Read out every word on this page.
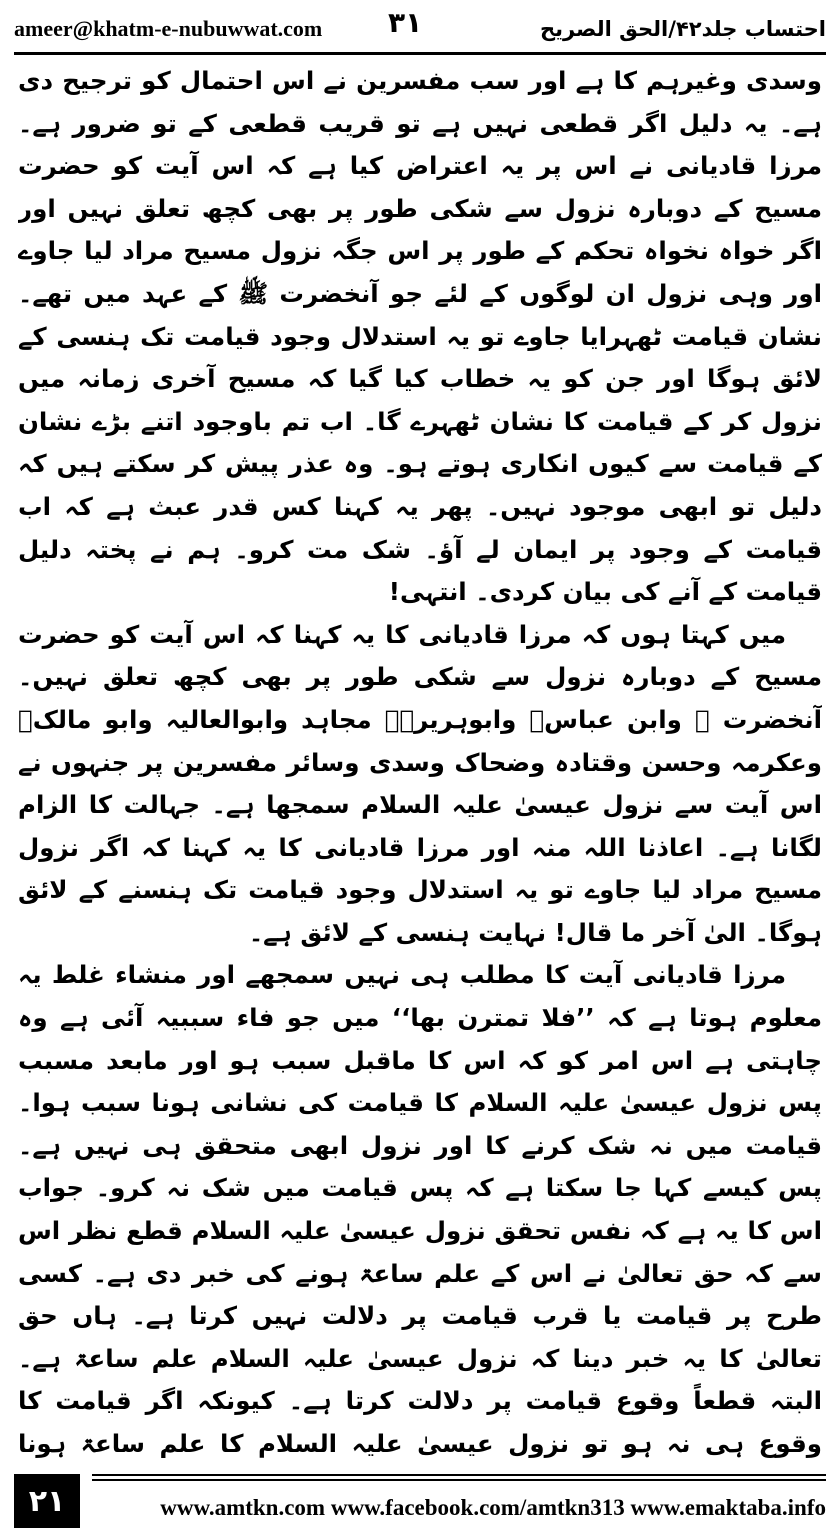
ameer@khatm-e-nubuwwat.com	احتساب جلد۴۲/الحق الصریح
۳۱

وسدی وغیرہم کا ہے اور سب مفسرین نے اس احتمال کو ترجیح دی ہے۔ یہ دلیل اگر قطعی نہیں ہے تو قریب قطعی کے تو ضرور ہے۔ مرزا قادیانی نے اس پر یہ اعتراض کیا ہے کہ اس آیت کو حضرت مسیح کے دوبارہ نزول سے شکی طور پر بھی کچھ تعلق نہیں اور اگر خواہ نخواہ تحکم کے طور پر اس جگہ نزول مسیح مراد لیا جاوے اور وہی نزول ان لوگوں کے لئے جو آنخضرت ﷺ کے عہد میں تھے۔ نشان قیامت ٹھہرایا جاوے تو یہ استدلال وجود قیامت تک ہنسی کے لائق ہوگا اور جن کو یہ خطاب کیا گیا کہ مسیح آخری زمانہ میں نزول کر کے قیامت کا نشان ٹھہرے گا۔ اب تم باوجود اتنے بڑے نشان کے قیامت سے کیوں انکاری ہوتے ہو۔ وہ عذر پیش کر سکتے ہیں کہ دلیل تو ابھی موجود نہیں۔ پھر یہ کہنا کس قدر عبث ہے کہ اب قیامت کے وجود پر ایمان لے آؤ۔ شک مت کرو۔ ہم نے پختہ دلیل قیامت کے آنے کی بیان کردی۔ انتہی!

میں کہتا ہوں کہ مرزا قادیانی کا یہ کہنا کہ اس آیت کو حضرت مسیح کے دوبارہ نزول سے شکی طور پر بھی کچھ تعلق نہیں۔ آنخضرت ﷺ وابن عباسؓ وابوہریرہؓ مجاہد وابوالعالیہ وابو مالکؒ وعکرمہ وحسن وقتادہ وضحاک وسدی وسائر مفسرین پر جنہوں نے اس آیت سے نزول عیسیٰ علیہ السلام سمجھا ہے۔ جہالت کا الزام لگانا ہے۔ اعاذنا اللہ منہ اور مرزا قادیانی کا یہ کہنا کہ اگر نزول مسیح مراد لیا جاوے تو یہ استدلال وجود قیامت تک ہنسنے کے لائق ہوگا۔ الیٰ آخر ما قال! نہایت ہنسی کے لائق ہے۔

مرزا قادیانی آیت کا مطلب ہی نہیں سمجھے اور منشاء غلط یہ معلوم ہوتا ہے کہ ’’فلا تمترن بھا‘‘ میں جو فاء سببیہ آئی ہے وہ چاہتی ہے اس امر کو کہ اس کا ماقبل سبب ہو اور مابعد مسبب پس نزول عیسیٰ علیہ السلام کا قیامت کی نشانی ہونا سبب ہوا۔ قیامت میں نہ شک کرنے کا اور نزول ابھی متحقق ہی نہیں ہے۔ پس کیسے کہا جا سکتا ہے کہ پس قیامت میں شک نہ کرو۔ جواب اس کا یہ ہے کہ نفس تحقق نزول عیسیٰ علیہ السلام قطع نظر اس سے کہ حق تعالیٰ نے اس کے علم ساعۃ ہونے کی خبر دی ہے۔ کسی طرح پر قیامت یا قرب قیامت پر دلالت نہیں کرتا ہے۔ ہاں حق تعالیٰ کا یہ خبر دینا کہ نزول عیسیٰ علیہ السلام علم ساعۃ ہے۔ البتہ قطعاً وقوع قیامت پر دلالت کرتا ہے۔ کیونکہ اگر قیامت کا وقوع ہی نہ ہو تو نزول عیسیٰ علیہ السلام کا علم ساعۃ ہونا

۲۱	www.amtkn.com www.facebook.com/amtkn313 www.emaktaba.info
